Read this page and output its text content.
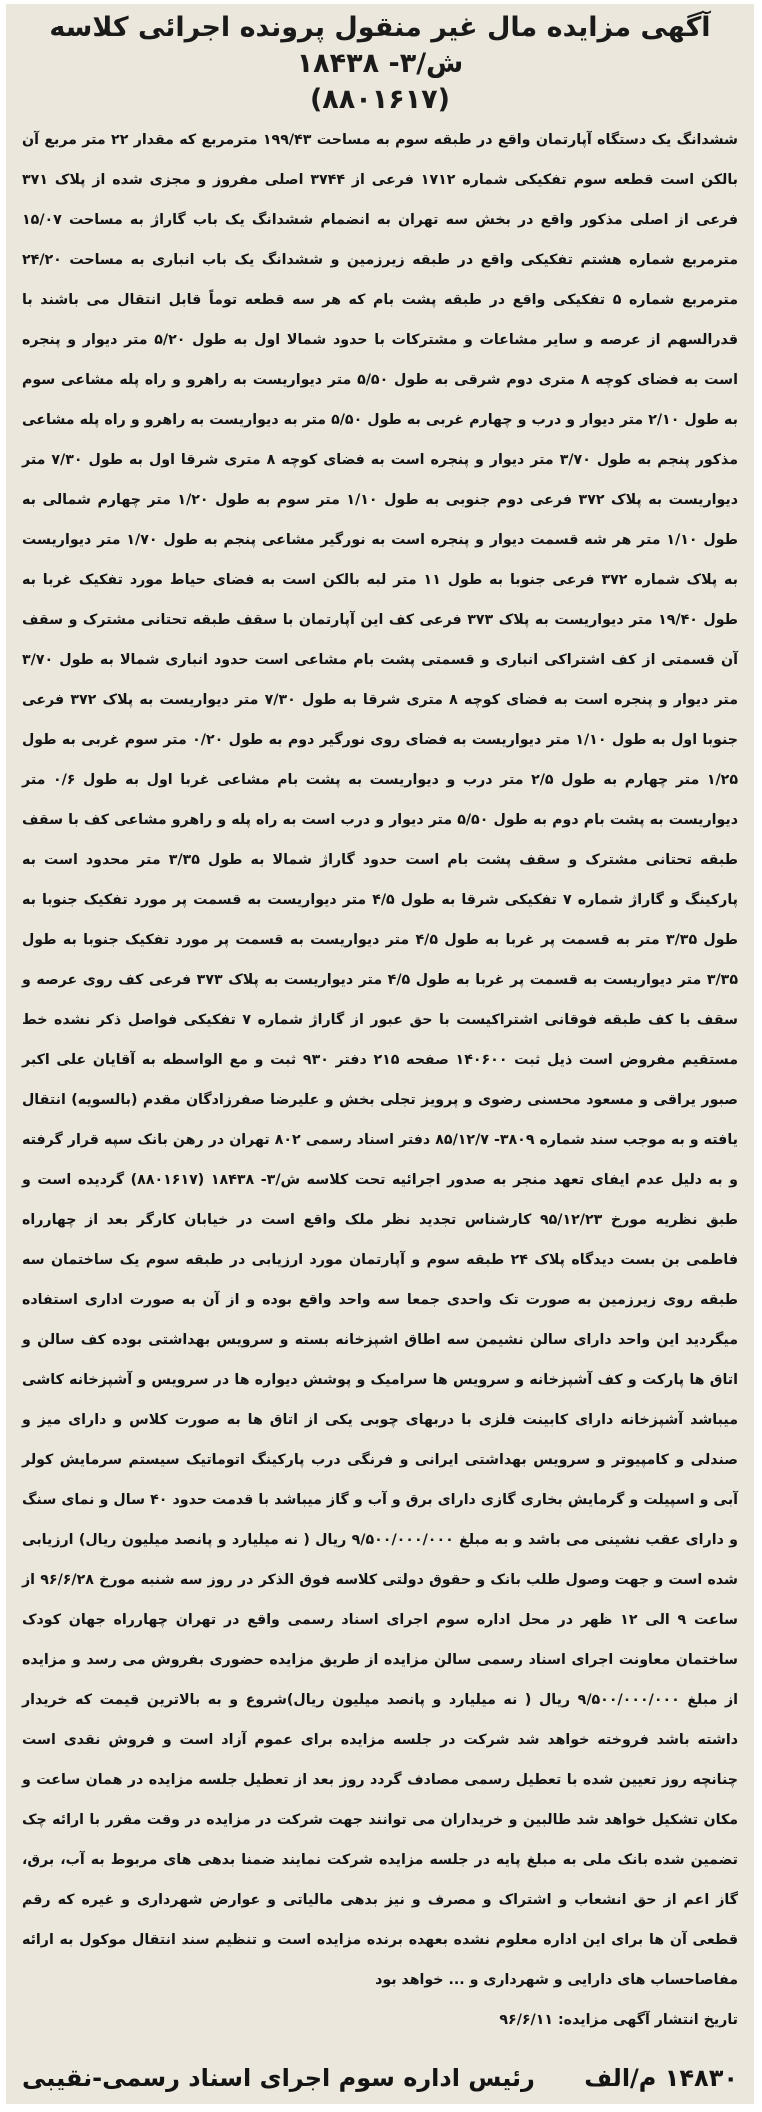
آگهی مزایده مال غیر منقول پرونده اجرائی کلاسه ش/۳- ۱۸۴۳۸
(۸۸۰۱۶۱۷)

ششدانگ یک دستگاه آپارتمان واقع در طبقه سوم به مساحت ۱۹۹/۴۳ مترمربع که مقدار ۲۲ متر مربع آن بالکن است قطعه سوم تفکیکی شماره ۱۷۱۲ فرعی از ۳۷۴۴ اصلی مفروز و مجزی شده از پلاک ۳۷۱ فرعی از اصلی مذکور واقع در بخش سه تهران به انضمام ششدانگ یک باب گاراژ به مساحت ۱۵/۰۷ مترمربع شماره هشتم تفکیکی واقع در طبقه زیرزمین و ششدانگ یک باب انباری به مساحت ۲۴/۲۰ مترمربع شماره ۵ تفکیکی واقع در طبقه پشت بام که هر سه قطعه توماً قابل انتقال می باشند با قدرالسهم از عرصه و سایر مشاعات و مشترکات با حدود شمالا اول به طول ۵/۲۰ متر دیوار و پنجره است به فضای کوچه ۸ متری دوم شرقی به طول ۵/۵۰ متر دیواریست به راهرو و راه پله مشاعی سوم به طول ۲/۱۰ متر دیوار و درب و چهارم غربی به طول ۵/۵۰ متر به دیواریست به راهرو و راه پله مشاعی مذکور پنجم به طول ۳/۷۰ متر دیوار و پنجره است به فضای کوچه ۸ متری شرقا اول به طول ۷/۳۰ متر دیواریست به پلاک ۳۷۲ فرعی دوم جنوبی به طول ۱/۱۰ متر سوم به طول ۱/۲۰ متر چهارم شمالی به طول ۱/۱۰ متر هر شه قسمت دیوار و پنجره است به نورگیر مشاعی پنجم به طول ۱/۷۰ متر دیواریست به پلاک شماره ۳۷۲ فرعی جنوبا به طول ۱۱ متر لبه بالکن است به فضای حیاط مورد تفکیک غربا به طول ۱۹/۴۰ متر دیواریست به پلاک ۳۷۳ فرعی کف این آپارتمان با سقف طبقه تحتانی مشترک و سقف آن قسمتی از کف اشتراکی انباری و قسمتی پشت بام مشاعی است حدود انباری شمالا به طول ۳/۷۰ متر دیوار و پنجره است به فضای کوچه ۸ متری شرقا به طول ۷/۳۰ متر دیواریست به پلاک ۳۷۲ فرعی جنوبا اول به طول ۱/۱۰ متر دیواریست به فضای روی نورگیر دوم به طول ۰/۲۰ متر سوم غربی به طول ۱/۲۵ متر چهارم به طول ۲/۵ متر درب و دیواریست به پشت بام مشاعی غربا اول به طول ۰/۶ متر دیواریست به پشت بام دوم به طول ۵/۵۰ متر دیوار و درب است به راه پله و راهرو مشاعی کف با سقف طبقه تحتانی مشترک و سقف پشت بام است حدود گاراژ شمالا به طول ۳/۳۵ متر محدود است به پارکینگ و گاراژ شماره ۷ تفکیکی شرقا به طول ۴/۵ متر دیواریست به قسمت پر مورد تفکیک جنوبا به طول ۳/۳۵ متر به قسمت پر غربا به طول ۴/۵ متر دیواریست به قسمت پر مورد تفکیک جنوبا به طول ۳/۳۵ متر دیواریست به قسمت پر غربا به طول ۴/۵ متر دیواریست به پلاک ۳۷۳ فرعی کف روی عرصه و سقف با کف طبقه فوقانی اشتراکیست با حق عبور از گاراژ شماره ۷ تفکیکی فواصل ذکر نشده خط مستقیم مفروض است ذیل ثبت ۱۴۰۶۰۰ صفحه ۲۱۵ دفتر ۹۳۰ ثبت و مع الواسطه به آقایان علی اکبر صبور یراقی و مسعود محسنی رضوی و پرویز تجلی بخش و علیرضا صفرزادگان مقدم (بالسویه) انتقال یافته و به موجب سند شماره ۳۸۰۹- ۸۵/۱۲/۷ دفتر اسناد رسمی ۸۰۲ تهران در رهن بانک سپه قرار گرفته و به دلیل عدم ایفای تعهد منجر به صدور اجرائیه تحت کلاسه ش/۳- ۱۸۴۳۸ (۸۸۰۱۶۱۷) گردیده است و طبق نظریه مورخ ۹۵/۱۲/۲۳ کارشناس تجدید نظر ملک واقع است در خیابان کارگر بعد از چهارراه فاطمی بن بست دیدگاه پلاک ۲۴ طبقه سوم و آپارتمان مورد ارزیابی در طبقه سوم یک ساختمان سه طبقه روی زیرزمین به صورت تک واحدی جمعا سه واحد واقع بوده و از آن به صورت اداری استفاده میگردید این واحد دارای سالن نشیمن سه اطاق اشپزخانه بسته و سرویس بهداشتی بوده کف سالن و اتاق ها پارکت و کف آشپزخانه و سرویس ها سرامیک و پوشش دیواره ها در سرویس و آشپزخانه کاشی میباشد آشپزخانه دارای کابینت فلزی با دربهای چوبی یکی از اتاق ها به صورت کلاس و دارای میز و صندلی و کامپیوتر و سرویس بهداشتی ایرانی و فرنگی درب پارکینگ اتوماتیک سیستم سرمایش کولر آبی و اسپیلت و گرمایش بخاری گازی دارای برق و آب و گاز میباشد با قدمت حدود ۴۰ سال و نمای سنگ و دارای عقب نشینی می باشد و به مبلغ ۹/۵۰۰/۰۰۰/۰۰۰ ریال ( نه میلیارد و پانصد میلیون ریال) ارزیابی شده است و جهت وصول طلب بانک و حقوق دولتی کلاسه فوق الذکر در روز سه شنبه مورخ ۹۶/۶/۲۸ از ساعت ۹ الی ۱۲ ظهر در محل اداره سوم اجرای اسناد رسمی واقع در تهران چهارراه جهان کودک ساختمان معاونت اجرای اسناد رسمی سالن مزایده از طریق مزایده حضوری بفروش می رسد و مزایده از مبلغ ۹/۵۰۰/۰۰۰/۰۰۰ ریال ( نه میلیارد و پانصد میلیون ریال)شروع و به بالاترین قیمت که خریدار داشته باشد فروخته خواهد شد شرکت در جلسه مزایده برای عموم آزاد است و فروش نقدی است چنانچه روز تعیین شده با تعطیل رسمی مصادف گردد روز بعد از تعطیل جلسه مزایده در همان ساعت و مکان تشکیل خواهد شد طالبین و خریداران می توانند جهت شرکت در مزایده در وقت مقرر با ارائه چک تضمین شده بانک ملی به مبلغ پایه در جلسه مزایده شرکت نمایند ضمنا بدهی های مربوط به آب، برق، گاز اعم از حق انشعاب و اشتراک و مصرف و نیز بدهی مالیاتی و عوارض شهرداری و غیره که رقم قطعی آن ها برای این اداره معلوم نشده بعهده برنده مزایده است و تنظیم سند انتقال موکول به ارائه مفاصاحساب های دارایی و شهرداری و ... خواهد بود
تاریخ انتشار آگهی مزایده: ۹۶/۶/۱۱

۱۴۸۳۰ م/الف
رئیس اداره سوم اجرای اسناد رسمی-نقیبی
